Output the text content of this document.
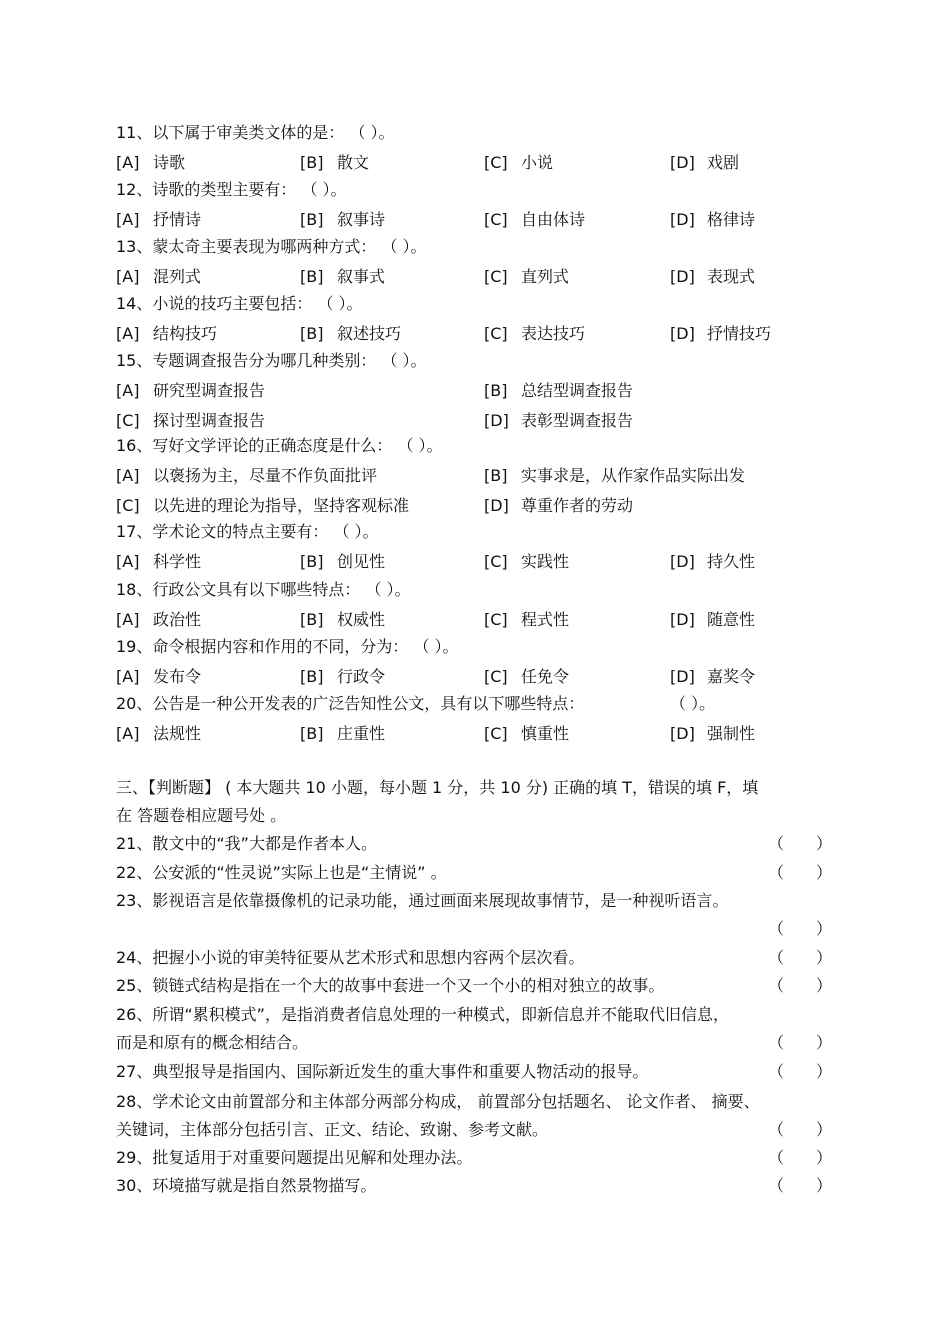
11、以下属于审美类文体的是： （ ）。
[A] 诗歌	[B] 散文	[C] 小说	[D] 戏剧
12、诗歌的类型主要有： （ ）。
[A] 抒情诗	[B] 叙事诗	[C] 自由体诗	[D] 格律诗
13、蒙太奇主要表现为哪两种方式： （ ）。
[A] 混列式	[B] 叙事式	[C] 直列式	[D] 表现式
14、小说的技巧主要包括： （ ）。
[A] 结构技巧	[B] 叙述技巧	[C] 表达技巧	[D] 抒情技巧
15、专题调查报告分为哪几种类别： （ ）。
[A] 研究型调查报告	[B] 总结型调查报告
[C] 探讨型调查报告	[D] 表彰型调查报告
16、写好文学评论的正确态度是什么： （ ）。
[A] 以褒扬为主，尽量不作负面批评	[B] 实事求是，从作家作品实际出发
[C] 以先进的理论为指导，坚持客观标准	[D] 尊重作者的劳动
17、学术论文的特点主要有： （ ）。
[A] 科学性	[B] 创见性	[C] 实践性	[D] 持久性
18、行政公文具有以下哪些特点： （ ）。
[A] 政治性	[B] 权威性	[C] 程式性	[D] 随意性
19、命令根据内容和作用的不同，分为： （ ）。
[A] 发布令	[B] 行政令	[C] 任免令	[D] 嘉奖令
20、公告是一种公开发表的广泛告知性公文，具有以下哪些特点：	（ ）。
[A] 法规性	[B] 庄重性	[C] 慎重性	[D] 强制性
三、【判断题】 ( 本大题共 10 小题，每小题 1 分，共 10 分) 正确的填 T，错误的填 F，填
在 答题卷相应题号处 。
21、散文中的“我”大都是作者本人。	（ ）
22、公安派的“性灵说”实际上也是“主情说” 。	（ ）
23、影视语言是依靠摄像机的记录功能，通过画面来展现故事情节，是一种视听语言。
（ ）
24、把握小小说的审美特征要从艺术形式和思想内容两个层次看。	（ ）
25、锁链式结构是指在一个大的故事中套进一个又一个小的相对独立的故事。	（ ）
26、所谓“累积模式”，是指消费者信息处理的一种模式，即新信息并不能取代旧信息，
而是和原有的概念相结合。	（ ）
27、典型报导是指国内、国际新近发生的重大事件和重要人物活动的报导。	（ ）
28、学术论文由前置部分和主体部分两部分构成， 前置部分包括题名、 论文作者、 摘要、
关键词，主体部分包括引言、正文、结论、致谢、参考文献。	（ ）
29、批复适用于对重要问题提出见解和处理办法。	（ ）
30、环境描写就是指自然景物描写。	（ ）
